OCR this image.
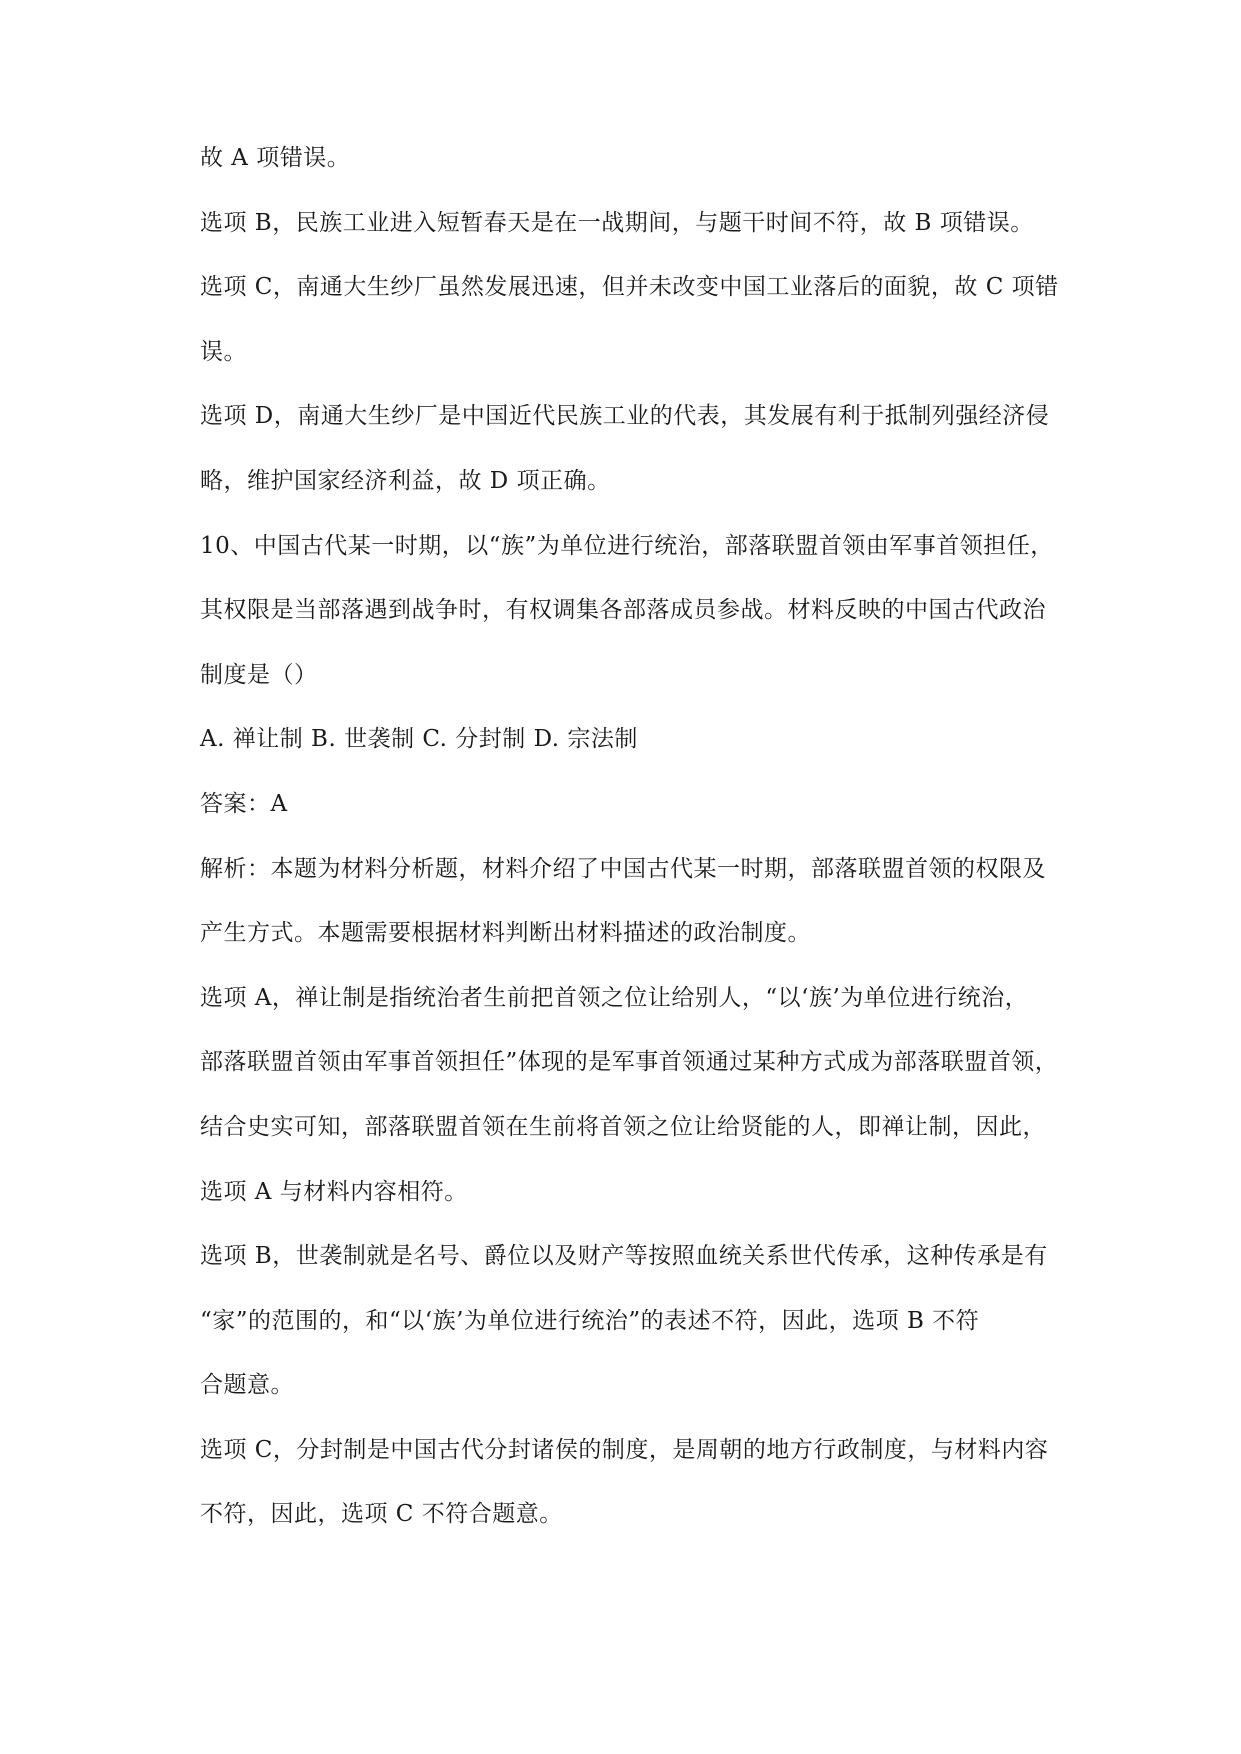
故 A 项错误。
选项 B，民族工业进入短暂春天是在一战期间，与题干时间不符，故 B 项错误。
选项 C，南通大生纱厂虽然发展迅速，但并未改变中国工业落后的面貌，故 C 项错
误。
选项 D，南通大生纱厂是中国近代民族工业的代表，其发展有利于抵制列强经济侵
略，维护国家经济利益，故 D 项正确。
10、中国古代某一时期，以“族”为单位进行统治，部落联盟首领由军事首领担任，
其权限是当部落遇到战争时，有权调集各部落成员参战。材料反映的中国古代政治
制度是（）
A. 禅让制 B. 世袭制 C. 分封制 D. 宗法制
答案：A
解析：本题为材料分析题，材料介绍了中国古代某一时期，部落联盟首领的权限及
产生方式。本题需要根据材料判断出材料描述的政治制度。
选项 A，禅让制是指统治者生前把首领之位让给别人，“以‘族’为单位进行统治，
部落联盟首领由军事首领担任”体现的是军事首领通过某种方式成为部落联盟首领，
结合史实可知，部落联盟首领在生前将首领之位让给贤能的人，即禅让制，因此，
选项 A 与材料内容相符。
选项 B，世袭制就是名号、爵位以及财产等按照血统关系世代传承，这种传承是有
“家”的范围的，和“以‘族’为单位进行统治”的表述不符，因此，选项 B 不符
合题意。
选项 C，分封制是中国古代分封诸侯的制度，是周朝的地方行政制度，与材料内容
不符，因此，选项 C 不符合题意。
